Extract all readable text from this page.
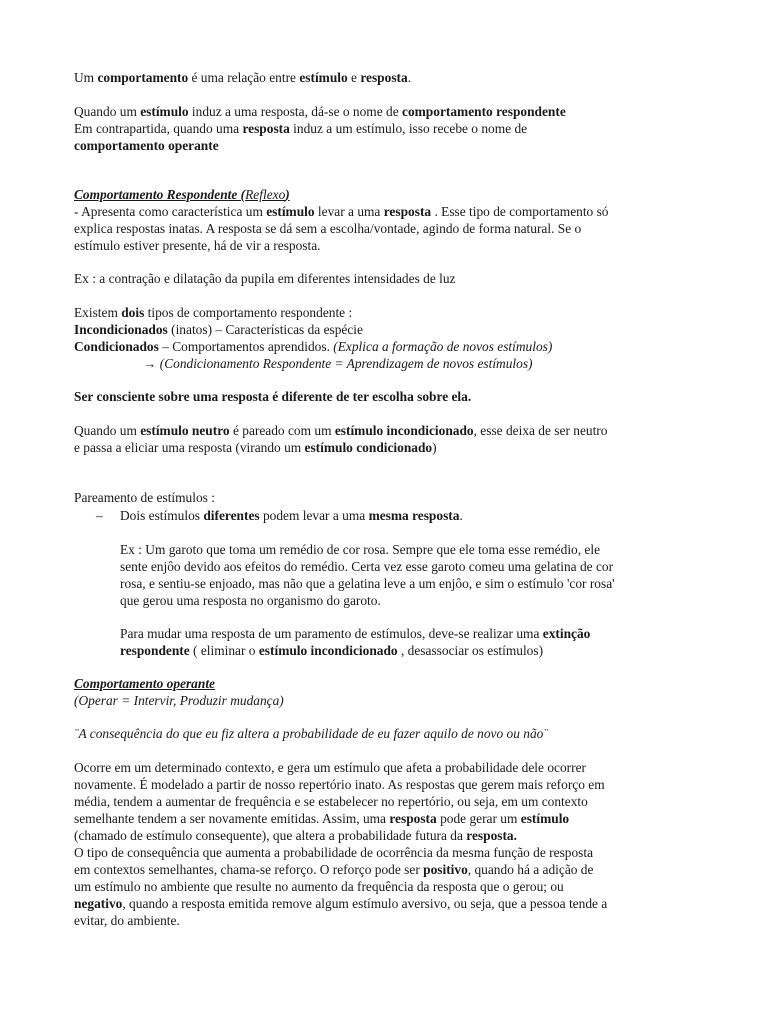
Um comportamento é uma relação entre estímulo e resposta.
Quando um estímulo induz a uma resposta, dá-se o nome de comportamento respondente
Em contrapartida, quando uma resposta induz a um estímulo, isso recebe o nome de
comportamento operante
Comportamento Respondente (Reflexo)
- Apresenta como característica um estímulo levar a uma resposta . Esse tipo de comportamento só
explica respostas inatas. A resposta se dá sem a escolha/vontade, agindo de forma natural. Se o
estímulo estiver presente, há de vir a resposta.
Ex : a contração e dilatação da pupila em diferentes intensidades de luz
Existem dois tipos de comportamento respondente :
Incondicionados (inatos) – Características da espécie
Condicionados – Comportamentos aprendidos. (Explica a formação de novos estímulos)
→ (Condicionamento Respondente = Aprendizagem de novos estímulos)
Ser consciente sobre uma resposta é diferente de ter escolha sobre ela.
Quando um estímulo neutro é pareado com um estímulo incondicionado, esse deixa de ser neutro
e passa a eliciar uma resposta (virando um estímulo condicionado)
Pareamento de estímulos :
– Dois estímulos diferentes podem levar a uma mesma resposta.
Ex : Um garoto que toma um remédio de cor rosa. Sempre que ele toma esse remédio, ele
sente enjôo devido aos efeitos do remédio. Certa vez esse garoto comeu uma gelatina de cor
rosa, e sentiu-se enjoado, mas não que a gelatina leve a um enjôo, e sim o estímulo 'cor rosa'
que gerou uma resposta no organismo do garoto.
Para mudar uma resposta de um paramento de estímulos, deve-se realizar uma extinção
respondente ( eliminar o estímulo incondicionado , desassociar os estímulos)
Comportamento operante
(Operar = Intervir, Produzir mudança)
¨A consequência do que eu fiz altera a probabilidade de eu fazer aquilo de novo ou não¨
Ocorre em um determinado contexto, e gera um estímulo que afeta a probabilidade dele ocorrer
novamente. É modelado a partir de nosso repertório inato. As respostas que gerem mais reforço em
média, tendem a aumentar de frequência e se estabelecer no repertório, ou seja, em um contexto
semelhante tendem a ser novamente emitidas. Assim, uma resposta pode gerar um estímulo
(chamado de estímulo consequente), que altera a probabilidade futura da resposta.
O tipo de consequência que aumenta a probabilidade de ocorrência da mesma função de resposta
em contextos semelhantes, chama-se reforço. O reforço pode ser positivo, quando há a adição de
um estímulo no ambiente que resulte no aumento da frequência da resposta que o gerou; ou
negativo, quando a resposta emitida remove algum estímulo aversivo, ou seja, que a pessoa tende a
evitar, do ambiente.
